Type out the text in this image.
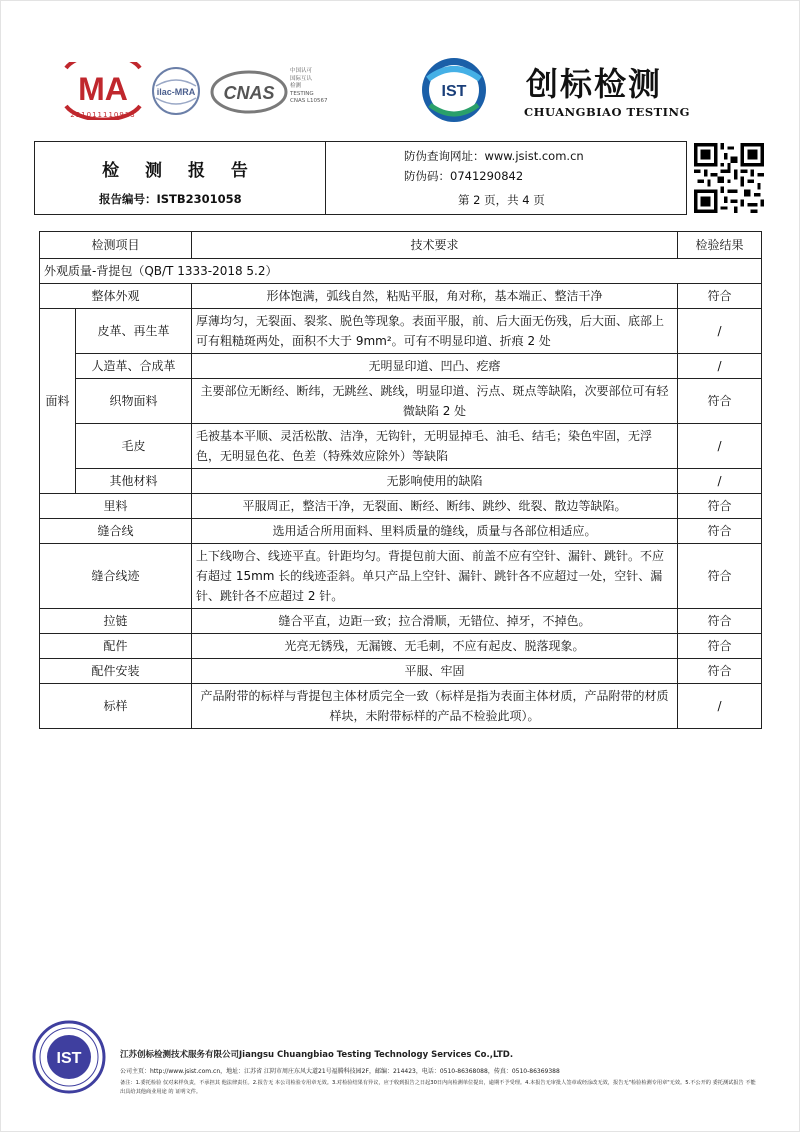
MA
231011110913
ilac-MRA CNAS
中国认可
国际互认
检测
TESTING
CNAS L10567
IST 创标检测
CHUANGBIAO TESTING
检 测 报 告
报告编号：ISTB2301058
防伪查询网址：www.jsist.com.cn
防伪码：0741290842
第 2 页，共 4 页
检测项目		技术要求	检验结果
外观质量-背提包（QB/T 1333-2018 5.2）			
整体外观		形体饱满，弧线自然，粘贴平服，角对称，基本端正、整洁干净	符合
面料	皮革、再生革	厚薄均匀，无裂面、裂浆、脱色等现象。表面平服，前、后大面无伤残，后大面、底部上可有粗糙斑两处，面积不大于 9mm²。可有不明显印道、折痕 2 处	/
	人造革、合成革	无明显印道、凹凸、疙瘩	/
	织物面料	主要部位无断经、断纬，无跳丝、跳线，明显印道、污点、斑点等缺陷，次要部位可有轻微缺陷 2 处	符合
	毛皮	毛被基本平顺、灵活松散、洁净，无钩针，无明显掉毛、油毛、结毛；染色牢固，无浮色，无明显色花、色差（特殊效应除外）等缺陷	/
	其他材料	无影响使用的缺陷	/
里料		平服周正，整洁干净，无裂面、断经、断纬、跳纱、纰裂、散边等缺陷。	符合
缝合线		选用适合所用面料、里料质量的缝线，质量与各部位相适应。	符合
缝合线迹		上下线吻合、线迹平直。针距均匀。背提包前大面、前盖不应有空针、漏针、跳针。不应有超过 15mm 长的线迹歪斜。单只产品上空针、漏针、跳针各不应超过一处，空针、漏针、跳针各不应超过 2 针。	符合
拉链		缝合平直，边距一致；拉合滑顺，无错位、掉牙，不掉色。	符合
配件		光亮无锈残，无漏镀、无毛刺，不应有起皮、脱落现象。	符合
配件安装		平服、牢固	符合
标样		产品附带的标样与背提包主体材质完全一致（标样是指为表面主体材质，产品附带的材质样块，未附带标样的产品不检验此项）。	/
IST	江苏创标检测技术服务有限公司Jiangsu Chuangbiao Testing Technology Services Co.,LTD.
公司主页：http://www.jsist.com.cn，地址：江苏省 江阴市周庄东风大道21号福腾科技园2F，邮编：214423，电话：0510-86368088，传真：0510-86369388
备注：1.委托检验 仅对来样负责，不承担其 他法律责任。2.报告无 本公司检验专用章无效。3.对检验结果有异议，应于收到报告之日起30日内向检测单位提出，逾期不予受理。4.本报告无审批人签章或经涂改无效，报告无"检验检测专用章"无效。5.不公开的 委托测试报告 不能出具给其他商业用途 的 证明文件。
